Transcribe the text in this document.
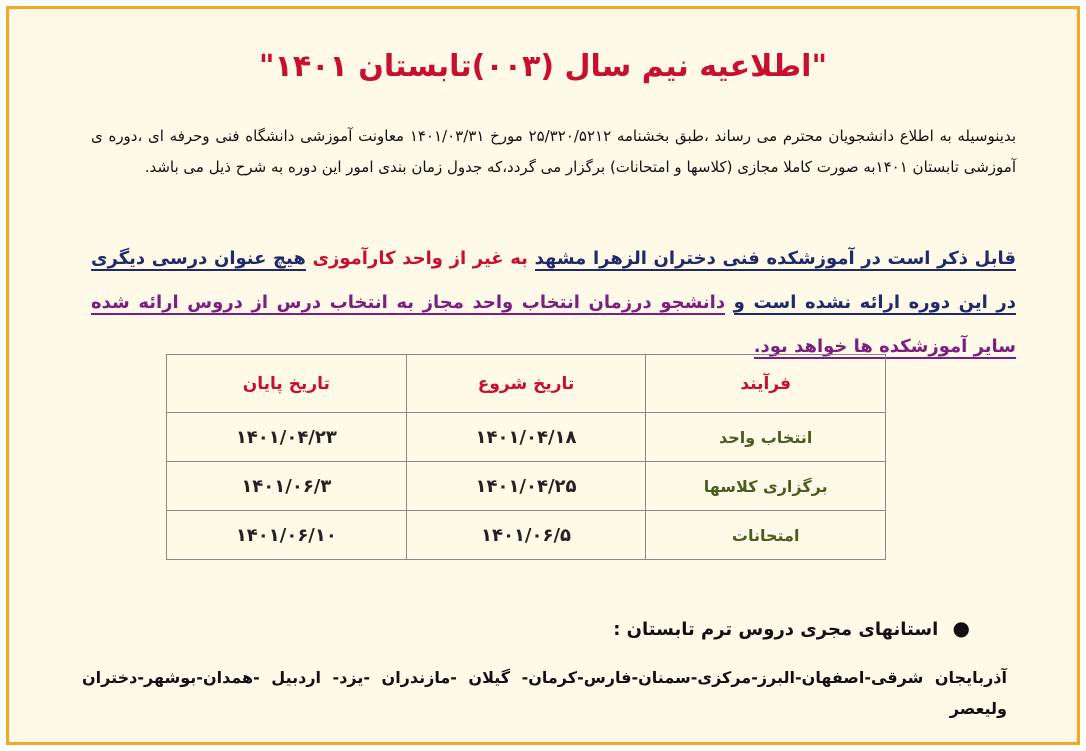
"اطلاعیه نیم سال (۰۰۳)تابستان ۱۴۰۱"
بدینوسیله به اطلاع دانشجویان محترم می رساند ،طبق بخشنامه ۲۵/۳۲۰/۵۲۱۲ مورخ ۱۴۰۱/۰۳/۳۱ معاونت آموزشی دانشگاه فنی وحرفه ای ،دوره ی آموزشی تابستان ۱۴۰۱به صورت کاملا مجازی (کلاسها و امتحانات) برگزار می گردد،که جدول زمان بندی امور این دوره به شرح ذیل می باشد.
قابل ذکر است در آموزشکده فنی دختران الزهرا مشهد به غیر از واحد کارآموزی هیچ عنوان درسی دیگری در این دوره ارائه نشده است و دانشجو درزمان انتخاب واحد مجاز به انتخاب درس از دروس ارائه شده سایر آموزشکده ها خواهد بود.
فرآیند	تاریخ شروع	تاریخ پایان
انتخاب واحد	۱۴۰۱/۰۴/۱۸	۱۴۰۱/۰۴/۲۳
برگزاری کلاسها	۱۴۰۱/۰۴/۲۵	۱۴۰۱/۰۶/۳
امتحانات	۱۴۰۱/۰۶/۵	۱۴۰۱/۰۶/۱۰
● استانهای مجری دروس ترم تابستان :
آذربایجان شرقی-اصفهان-البرز-مرکزی-سمنان-فارس-کرمان- گیلان -مازندران -یزد- اردبیل -همدان-بوشهر-دختران ولیعصر
